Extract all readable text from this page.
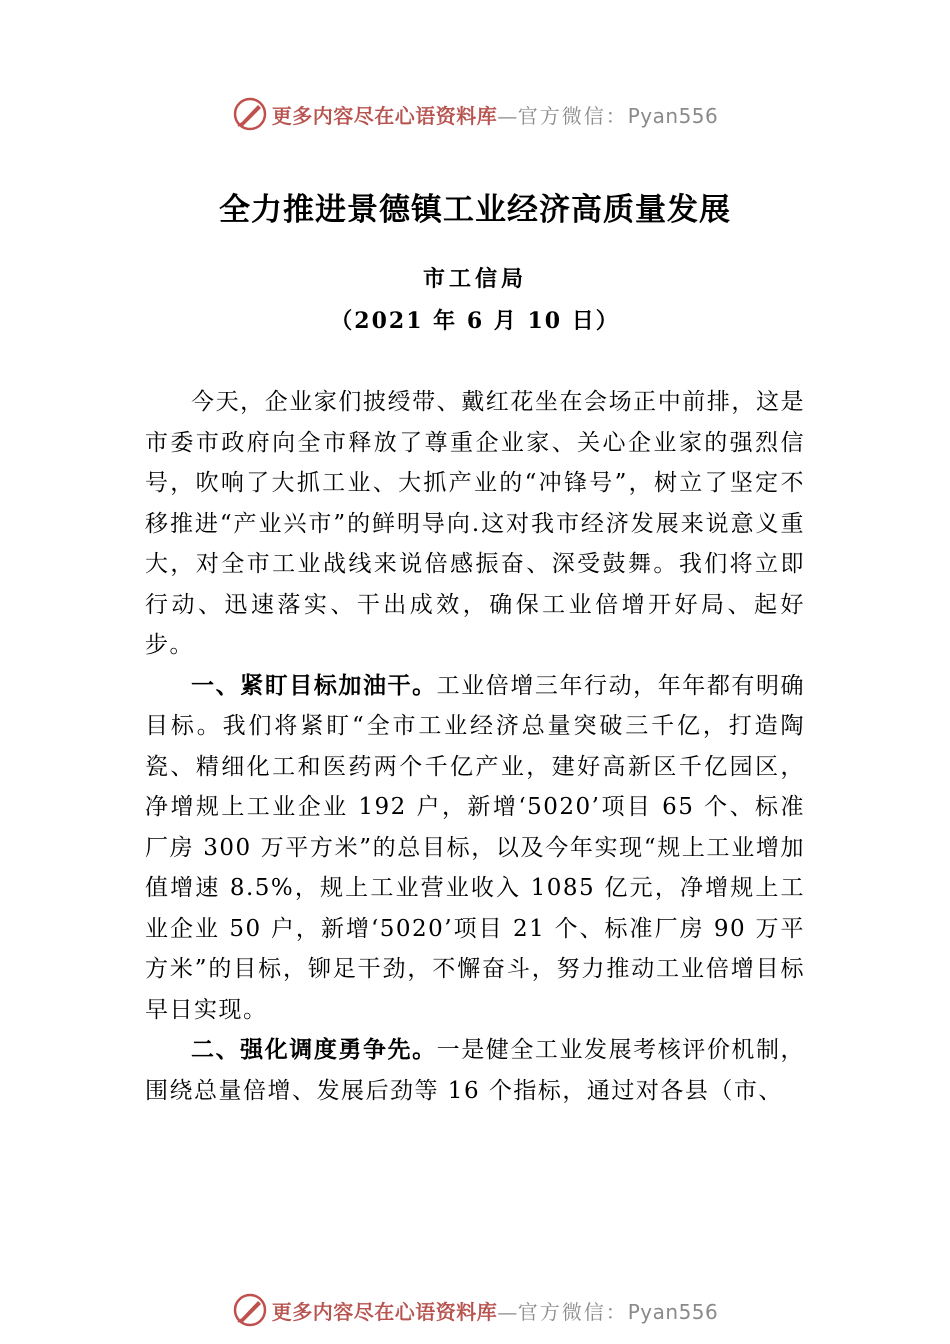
更多内容尽在心语资料库—官方微信：Pyan556
全力推进景德镇工业经济高质量发展
市工信局
（2021 年 6 月 10 日）

今天，企业家们披绶带、戴红花坐在会场正中前排，这是市委市政府向全市释放了尊重企业家、关心企业家的强烈信号，吹响了大抓工业、大抓产业的“冲锋号”，树立了坚定不移推进“产业兴市”的鲜明导向.这对我市经济发展来说意义重大，对全市工业战线来说倍感振奋、深受鼓舞。我们将立即行动、迅速落实、干出成效，确保工业倍增开好局、起好步。

一、紧盯目标加油干。工业倍增三年行动，年年都有明确目标。我们将紧盯“全市工业经济总量突破三千亿，打造陶瓷、精细化工和医药两个千亿产业，建好高新区千亿园区，净增规上工业企业 192 户，新增‘5020’项目 65 个、标准厂房 300 万平方米”的总目标，以及今年实现“规上工业增加值增速 8.5%，规上工业营业收入 1085 亿元，净增规上工业企业 50 户，新增‘5020’项目 21 个、标准厂房 90 万平方米”的目标，铆足干劲，不懈奋斗，努力推动工业倍增目标早日实现。

二、强化调度勇争先。一是健全工业发展考核评价机制，围绕总量倍增、发展后劲等 16 个指标，通过对各县（市、

更多内容尽在心语资料库—官方微信：Pyan556
